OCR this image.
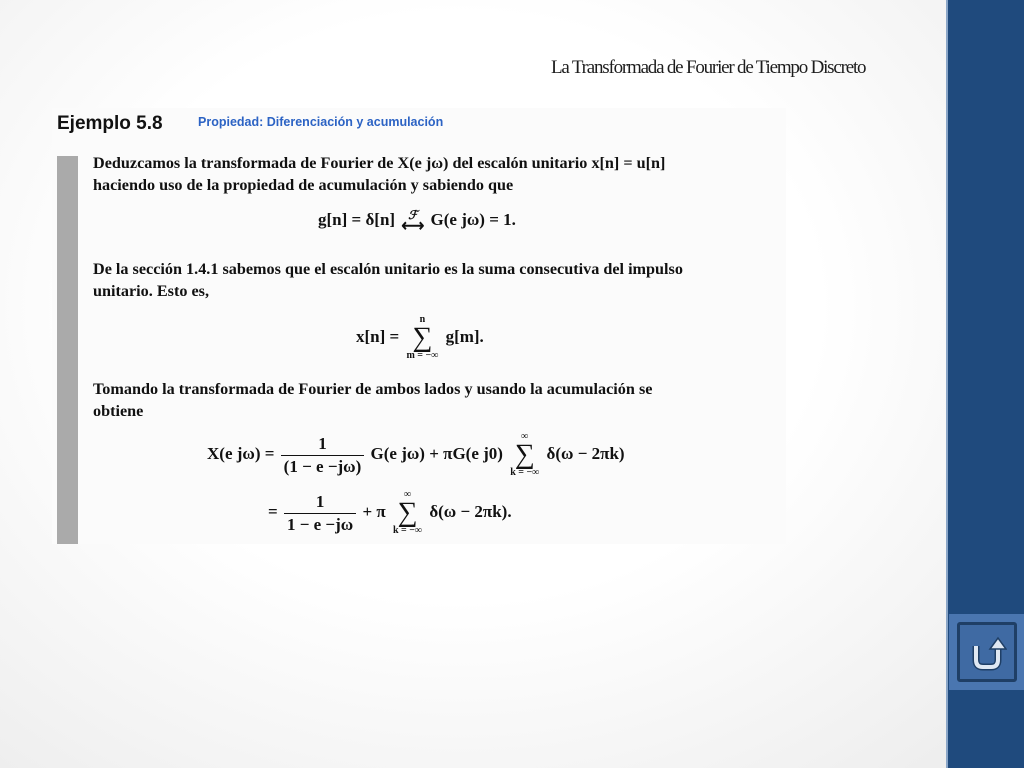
La Transformada de Fourier de Tiempo Discreto
Ejemplo 5.8	Propiedad: Diferenciación y acumulación
Deduzcamos la transformada de Fourier de X(e jω) del escalón unitario x[n] = u[n]
haciendo uso de la propiedad de acumulación y sabiendo que
g[n] = δ[n]	ℱ
⟷ G(e jω) = 1.
De la sección 1.4.1 sabemos que el escalón unitario es la suma consecutiva del impulso
unitario. Esto es,
x[n] =
n
∑
m = −∞
g[m].
Tomando la transformada de Fourier de ambos lados y usando la acumulación se
obtiene
X(e $j\omega) = \frac{1}{(1 - e -j\omega)} G(e$ jω) + πG(e j0)
∞
∑
k = −∞
δ(ω − 2πk)
= $\frac{1}{1 - e -j\omega} + \pi$
∞
∑
k = −∞
δ(ω − 2πk).
